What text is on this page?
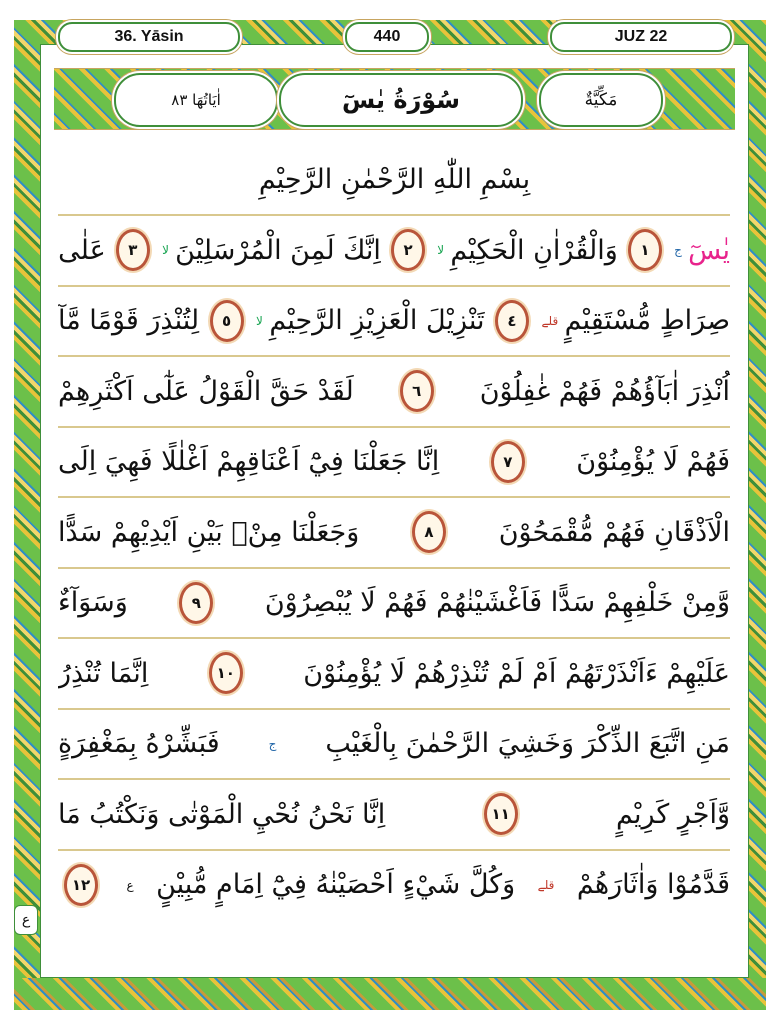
36. Yāsin	440	JUZ 22
اٰيَاتُهَا ٨٣	سُوْرَةُ يٰسٓ	مَكِّيَّةٌ
بِسْمِ اللّٰهِ الرَّحْمٰنِ الرَّحِيْمِ
يٰسٓ
ج
١
وَالْقُرْاٰنِ الْحَكِيْمِ
لا
٢
اِنَّكَ لَمِنَ الْمُرْسَلِيْنَ
لا
٣
عَلٰى
صِرَاطٍ مُّسْتَقِيْمٍ
قلے
٤
تَنْزِيْلَ الْعَزِيْزِ الرَّحِيْمِ
لا
٥
لِتُنْذِرَ قَوْمًا مَّآ
اُنْذِرَ اٰبَآؤُهُمْ فَهُمْ غٰفِلُوْنَ
٦
لَقَدْ حَقَّ الْقَوْلُ عَلٰٓى اَكْثَرِهِمْ
فَهُمْ لَا يُؤْمِنُوْنَ
٧
اِنَّا جَعَلْنَا فِيْٓ اَعْنَاقِهِمْ اَغْلٰلًا فَهِيَ اِلَى
الْاَذْقَانِ فَهُمْ مُّقْمَحُوْنَ
٨
وَجَعَلْنَا مِنْۢ بَيْنِ اَيْدِيْهِمْ سَدًّا
وَّمِنْ خَلْفِهِمْ سَدًّا فَاَغْشَيْنٰهُمْ فَهُمْ لَا يُبْصِرُوْنَ
٩
وَسَوَآءٌ
عَلَيْهِمْ ءَاَنْذَرْتَهُمْ اَمْ لَمْ تُنْذِرْهُمْ لَا يُؤْمِنُوْنَ
١٠
اِنَّمَا تُنْذِرُ
مَنِ اتَّبَعَ الذِّكْرَ وَخَشِيَ الرَّحْمٰنَ بِالْغَيْبِ
ج
فَبَشِّرْهُ بِمَغْفِرَةٍ
وَّاَجْرٍ كَرِيْمٍ
١١
اِنَّا نَحْنُ نُحْيِ الْمَوْتٰى وَنَكْتُبُ مَا
قَدَّمُوْا وَاٰثَارَهُمْ
قلے
وَكُلَّ شَيْءٍ اَحْصَيْنٰهُ فِيْٓ اِمَامٍ مُّبِيْنٍ
ع
١٢
ع
